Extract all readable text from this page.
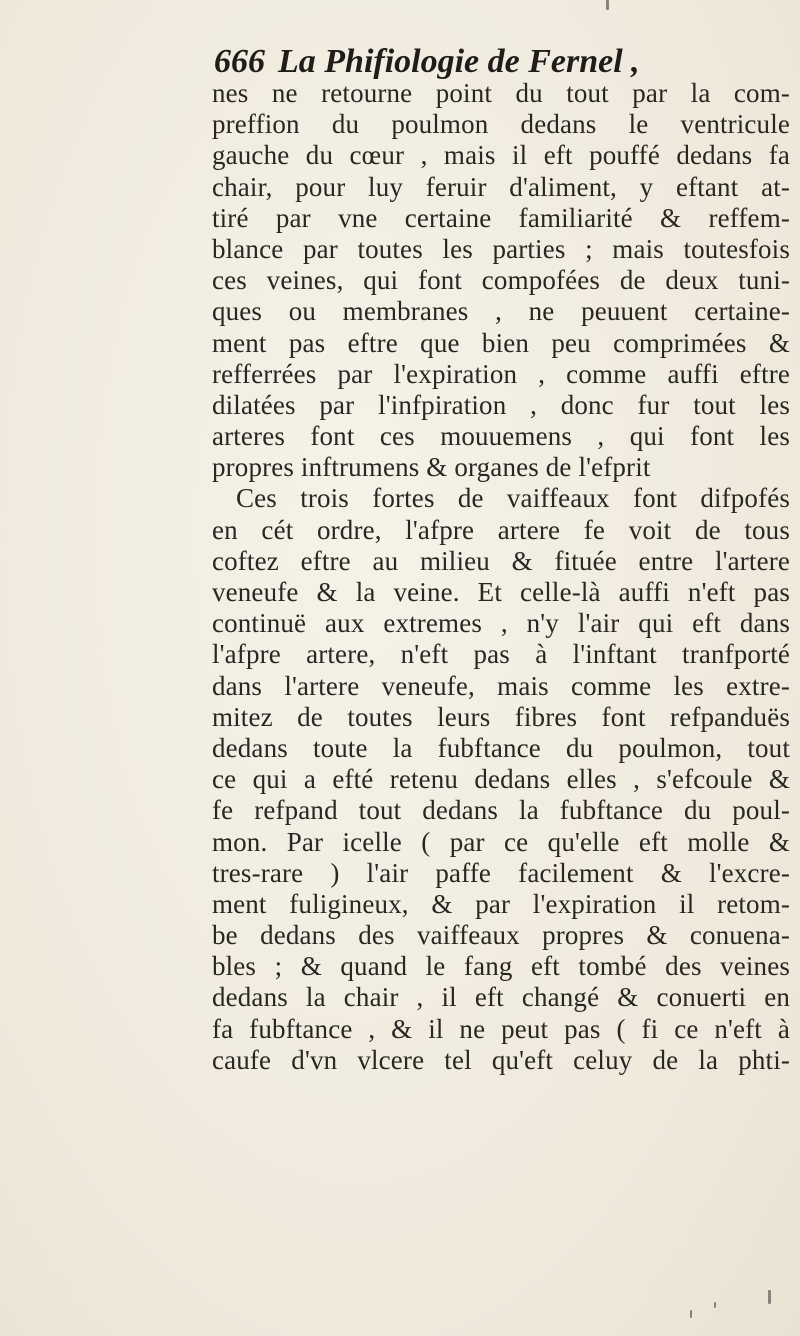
666 La Phifiologie de Fernel ,
nes ne retourne point du tout par la com-
preffion du poulmon dedans le ventricule
gauche du cœur , mais il eft pouffé dedans fa
chair, pour luy feruir d'aliment, y eftant at-
tiré par vne certaine familiarité & reffem-
blance par toutes les parties ; mais toutesfois
ces veines, qui font compofées de deux tuni-
ques ou membranes , ne peuuent certaine-
ment pas eftre que bien peu comprimées &
refferrées par l'expiration , comme auffi eftre
dilatées par l'infpiration , donc fur tout les
arteres font ces mouuemens , qui font les
propres inftrumens & organes de l'efprit
Ces trois fortes de vaiffeaux font difpofés
en cét ordre, l'afpre artere fe voit de tous
coftez eftre au milieu & fituée entre l'artere
veneufe & la veine. Et celle-là auffi n'eft pas
continuë aux extremes , n'y l'air qui eft dans
l'afpre artere, n'eft pas à l'inftant tranfporté
dans l'artere veneufe, mais comme les extre-
mitez de toutes leurs fibres font refpanduës
dedans toute la fubftance du poulmon, tout
ce qui a efté retenu dedans elles , s'efcoule &
fe refpand tout dedans la fubftance du poul-
mon. Par icelle ( par ce qu'elle eft molle &
tres-rare ) l'air paffe facilement & l'excre-
ment fuligineux, & par l'expiration il retom-
be dedans des vaiffeaux propres & conuena-
bles ; & quand le fang eft tombé des veines
dedans la chair , il eft changé & conuerti en
fa fubftance , & il ne peut pas ( fi ce n'eft à
caufe d'vn vlcere tel qu'eft celuy de la phti-
